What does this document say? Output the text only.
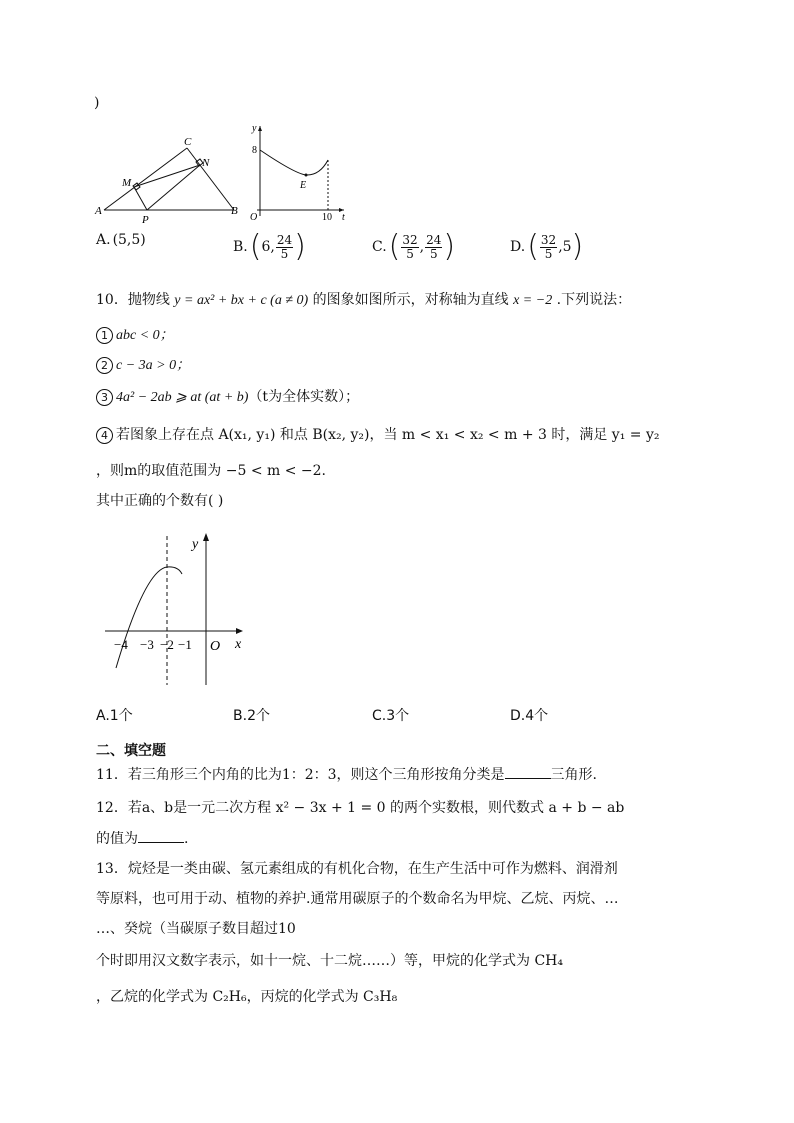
)
C
N
M
A
P
B
y
t
O
8
10
E
A. (5,5)	B. ( 6, $\frac{24}{5}$ )	C. ( $\frac{32}{5}$ , $\frac{24}{5}$ )	D. ( $\frac{32}{5} ,5$ )
10．抛物线 y = ax² + bx + c (a ≠ 0) 的图象如图所示，对称轴为直线 x = −2 .下列说法：
1 abc < 0；
2 c − 3a > 0；
3 4a² − 2ab ⩾ at (at + b)（t为全体实数）；
4 若图象上存在点 A(x₁, y₁) 和点 B(x₂, y₂)，当 m < x₁ < x₂ < m + 3 时，满足 y₁ = y₂
，则m的取值范围为 −5 < m < −2.
其中正确的个数有( )
y
x
O
−4 −3 −2 −1
A.1个	B.2个	C.3个	D.4个
二、填空题
11．若三角形三个内角的比为1：2：3，则这个三角形按角分类是	三角形.
12．若a、b是一元二次方程 x² − 3x + 1 = 0 的两个实数根，则代数式 a + b − ab
的值为	.
13．烷烃是一类由碳、氢元素组成的有机化合物，在生产生活中可作为燃料、润滑剂
等原料，也可用于动、植物的养护.通常用碳原子的个数命名为甲烷、乙烷、丙烷、…
…、癸烷（当碳原子数目超过10
个时即用汉文数字表示，如十一烷、十二烷……）等，甲烷的化学式为 CH₄
，乙烷的化学式为 C₂H₆，丙烷的化学式为 C₃H₈
